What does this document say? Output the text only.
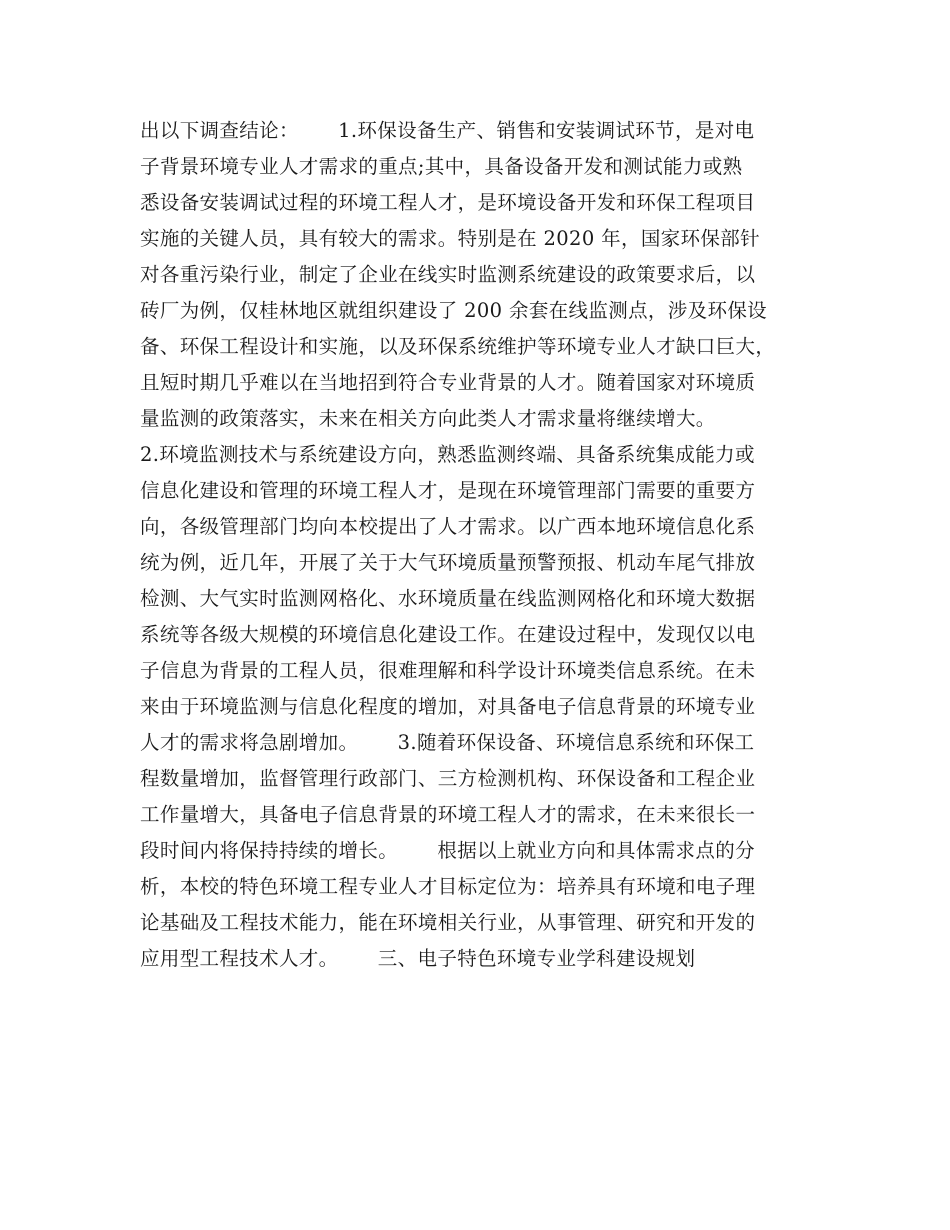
出以下调查结论：      1.环保设备生产、销售和安装调试环节，是对电
子背景环境专业人才需求的重点;其中，具备设备开发和测试能力或熟
悉设备安装调试过程的环境工程人才，是环境设备开发和环保工程项目
实施的关键人员，具有较大的需求。特别是在 2020 年，国家环保部针
对各重污染行业，制定了企业在线实时监测系统建设的政策要求后，以
砖厂为例，仅桂林地区就组织建设了 200 余套在线监测点，涉及环保设
备、环保工程设计和实施，以及环保系统维护等环境专业人才缺口巨大，
且短时期几乎难以在当地招到符合专业背景的人才。随着国家对环境质
量监测的政策落实，未来在相关方向此类人才需求量将继续增大。
2.环境监测技术与系统建设方向，熟悉监测终端、具备系统集成能力或
信息化建设和管理的环境工程人才，是现在环境管理部门需要的重要方
向，各级管理部门均向本校提出了人才需求。以广西本地环境信息化系
统为例，近几年，开展了关于大气环境质量预警预报、机动车尾气排放
检测、大气实时监测网格化、水环境质量在线监测网格化和环境大数据
系统等各级大规模的环境信息化建设工作。在建设过程中，发现仅以电
子信息为背景的工程人员，很难理解和科学设计环境类信息系统。在未
来由于环境监测与信息化程度的增加，对具备电子信息背景的环境专业
人才的需求将急剧增加。      3.随着环保设备、环境信息系统和环保工
程数量增加，监督管理行政部门、三方检测机构、环保设备和工程企业
工作量增大，具备电子信息背景的环境工程人才的需求，在未来很长一
段时间内将保持持续的增长。      根据以上就业方向和具体需求点的分
析，本校的特色环境工程专业人才目标定位为：培养具有环境和电子理
论基础及工程技术能力，能在环境相关行业，从事管理、研究和开发的
应用型工程技术人才。      三、电子特色环境专业学科建设规划
